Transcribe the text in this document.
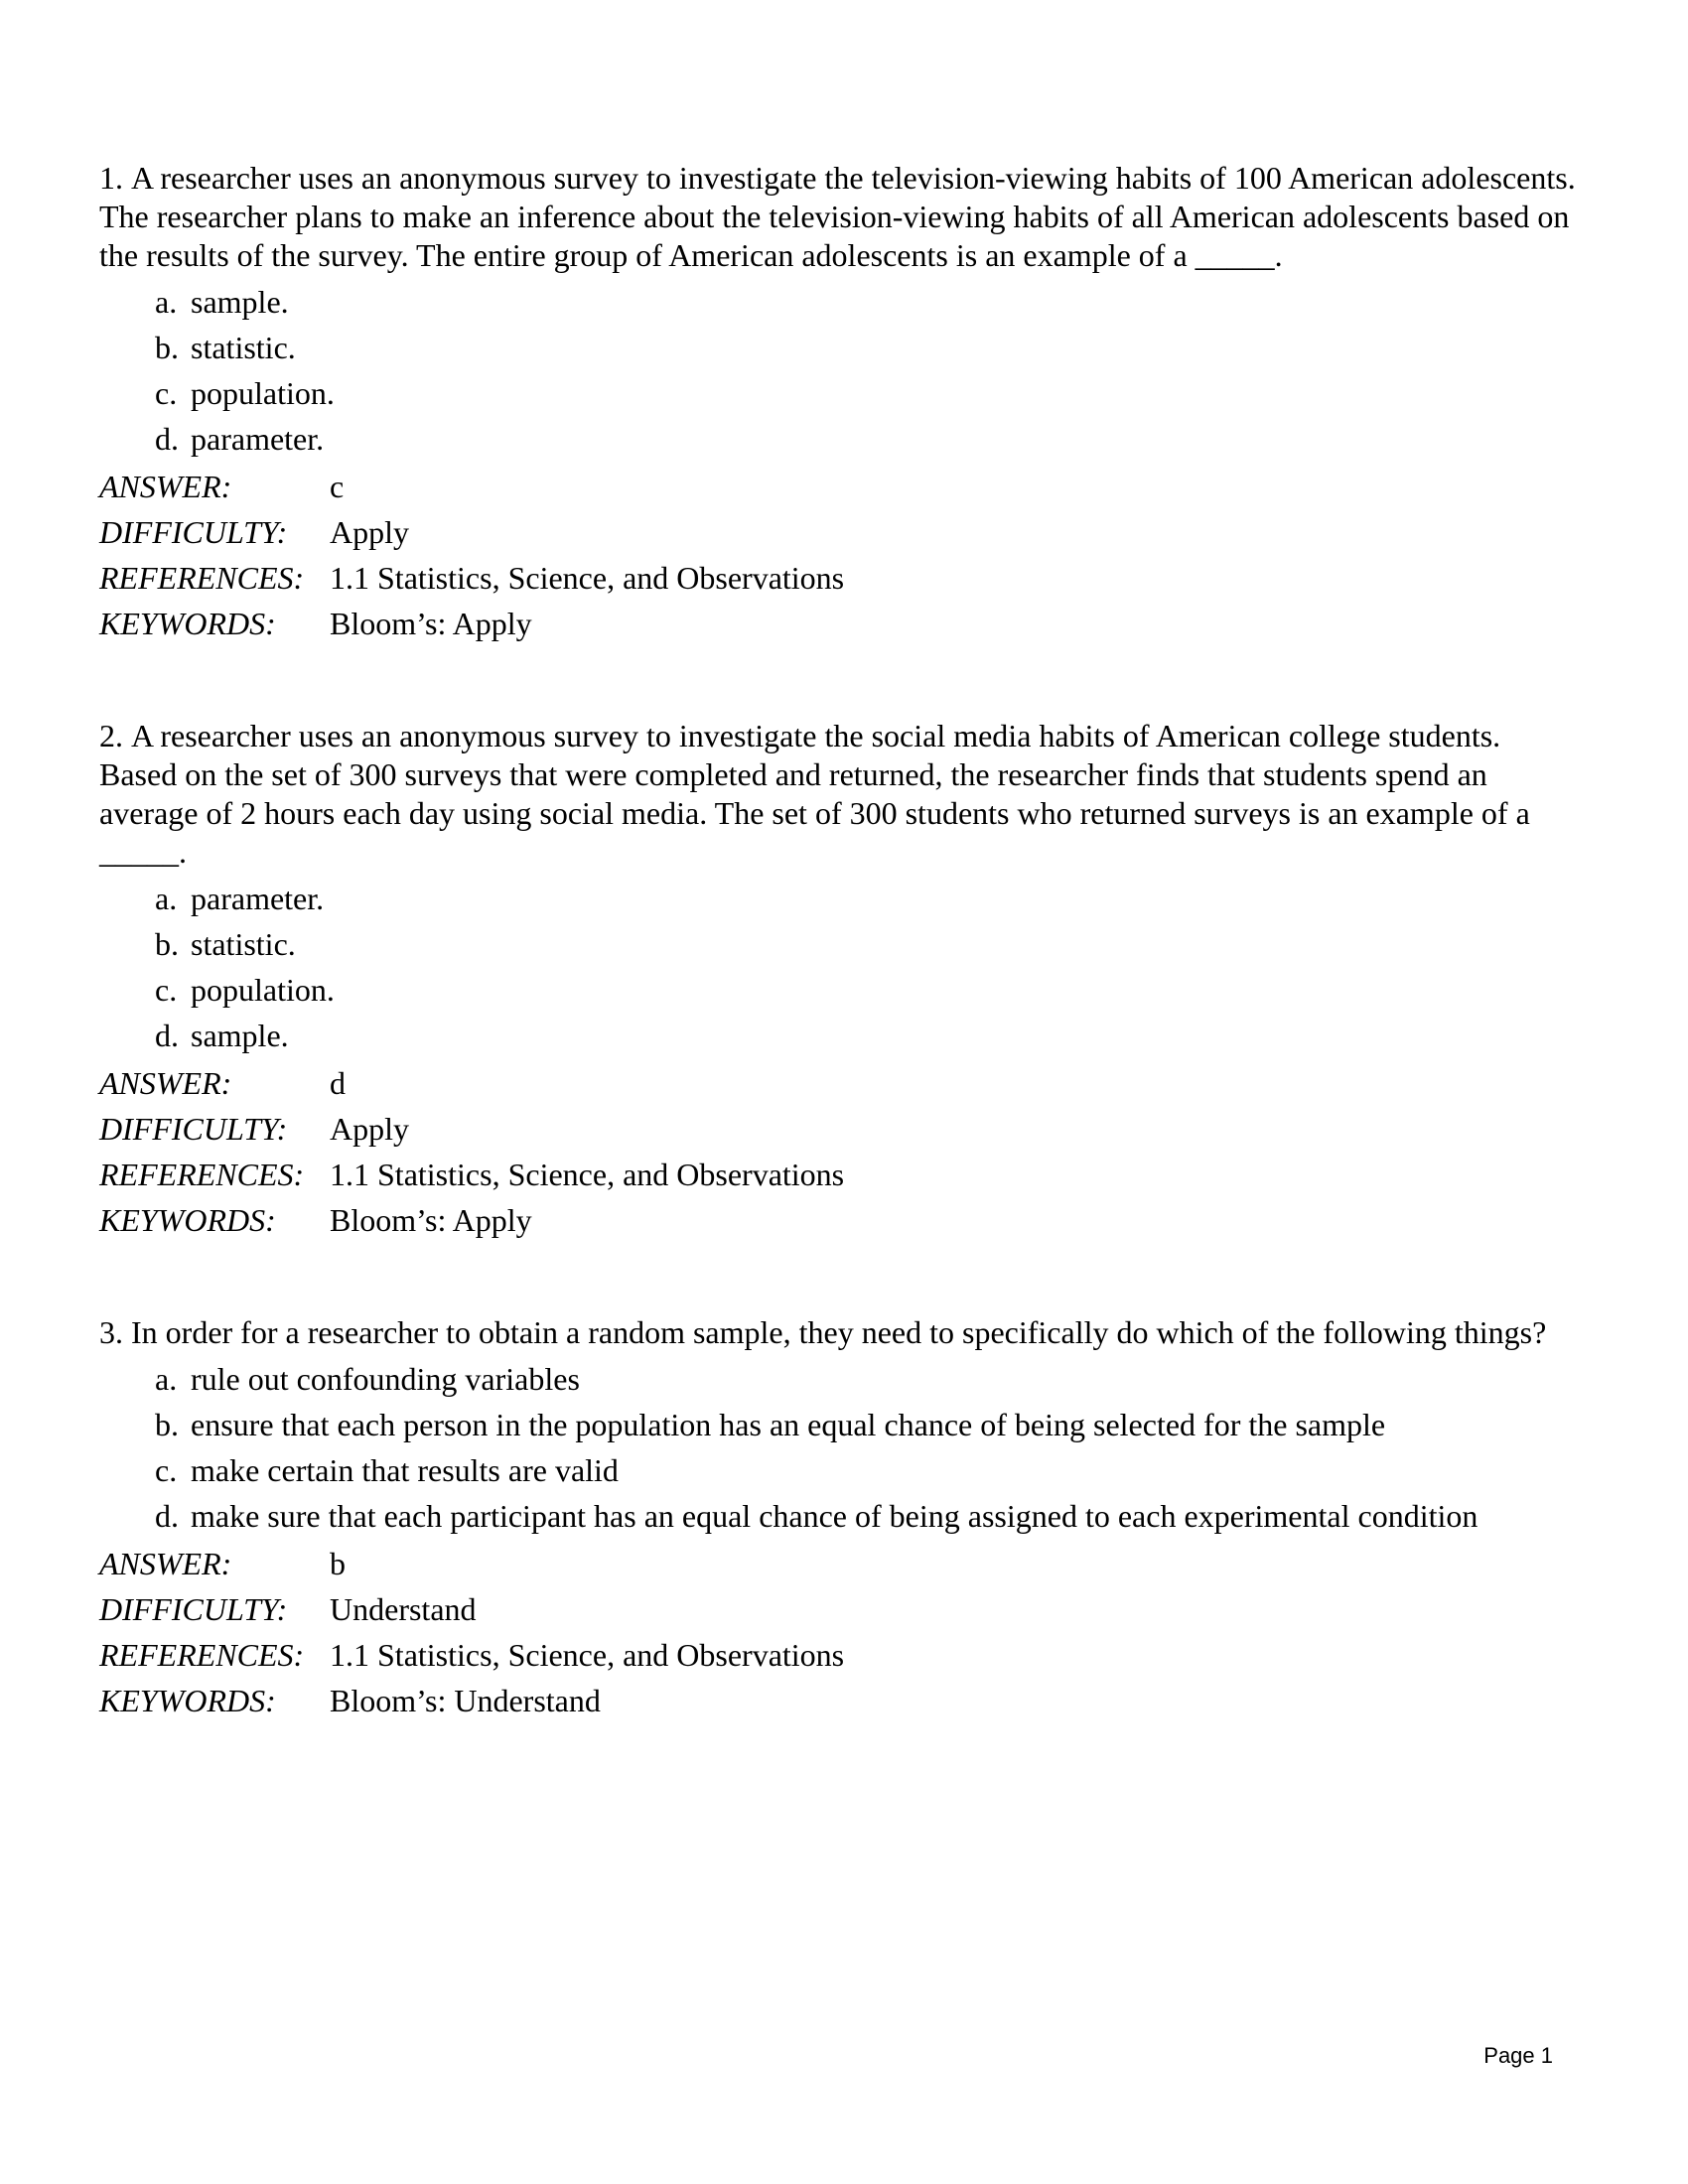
1. A researcher uses an anonymous survey to investigate the television-viewing habits of 100 American adolescents. The researcher plans to make an inference about the television-viewing habits of all American adolescents based on the results of the survey. The entire group of American adolescents is an example of a _____.

a. sample.
b. statistic.
c. population.
d. parameter.
ANSWER:	c
DIFFICULTY:	Apply
REFERENCES: 1.1 Statistics, Science, and Observations
KEYWORDS:	Bloom’s: Apply

2. A researcher uses an anonymous survey to investigate the social media habits of American college students. Based on the set of 300 surveys that were completed and returned, the researcher finds that students spend an average of 2 hours each day using social media. The set of 300 students who returned surveys is an example of a _____.

a. parameter.
b. statistic.
c. population.
d. sample.
ANSWER:	d
DIFFICULTY:	Apply
REFERENCES: 1.1 Statistics, Science, and Observations
KEYWORDS:	Bloom’s: Apply

3. In order for a researcher to obtain a random sample, they need to specifically do which of the following things?

a. rule out confounding variables
b. ensure that each person in the population has an equal chance of being selected for the sample
c. make certain that results are valid
d. make sure that each participant has an equal chance of being assigned to each experimental condition
ANSWER:	b
DIFFICULTY:	Understand
REFERENCES: 1.1 Statistics, Science, and Observations
KEYWORDS:	Bloom’s: Understand
Page 1
